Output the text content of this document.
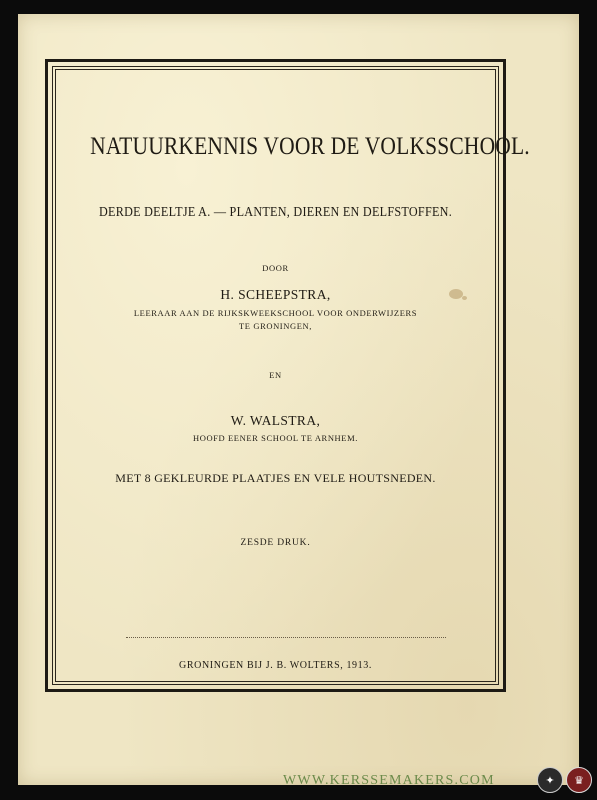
NATUURKENNIS VOOR DE VOLKSSCHOOL.
DERDE DEELTJE A. — PLANTEN, DIEREN EN DELFSTOFFEN.
DOOR
H. SCHEEPSTRA,
LEERAAR AAN DE RIJKSKWEEKSCHOOL VOOR ONDERWIJZERS
TE GRONINGEN,
EN
W. WALSTRA,
HOOFD EENER SCHOOL TE ARNHEM.
MET 8 GEKLEURDE PLAATJES EN VELE HOUTSNEDEN.
ZESDE DRUK.
GRONINGEN BIJ J. B. WOLTERS, 1913.
WWW.KERSSEMAKERS.COM	✦	♛
